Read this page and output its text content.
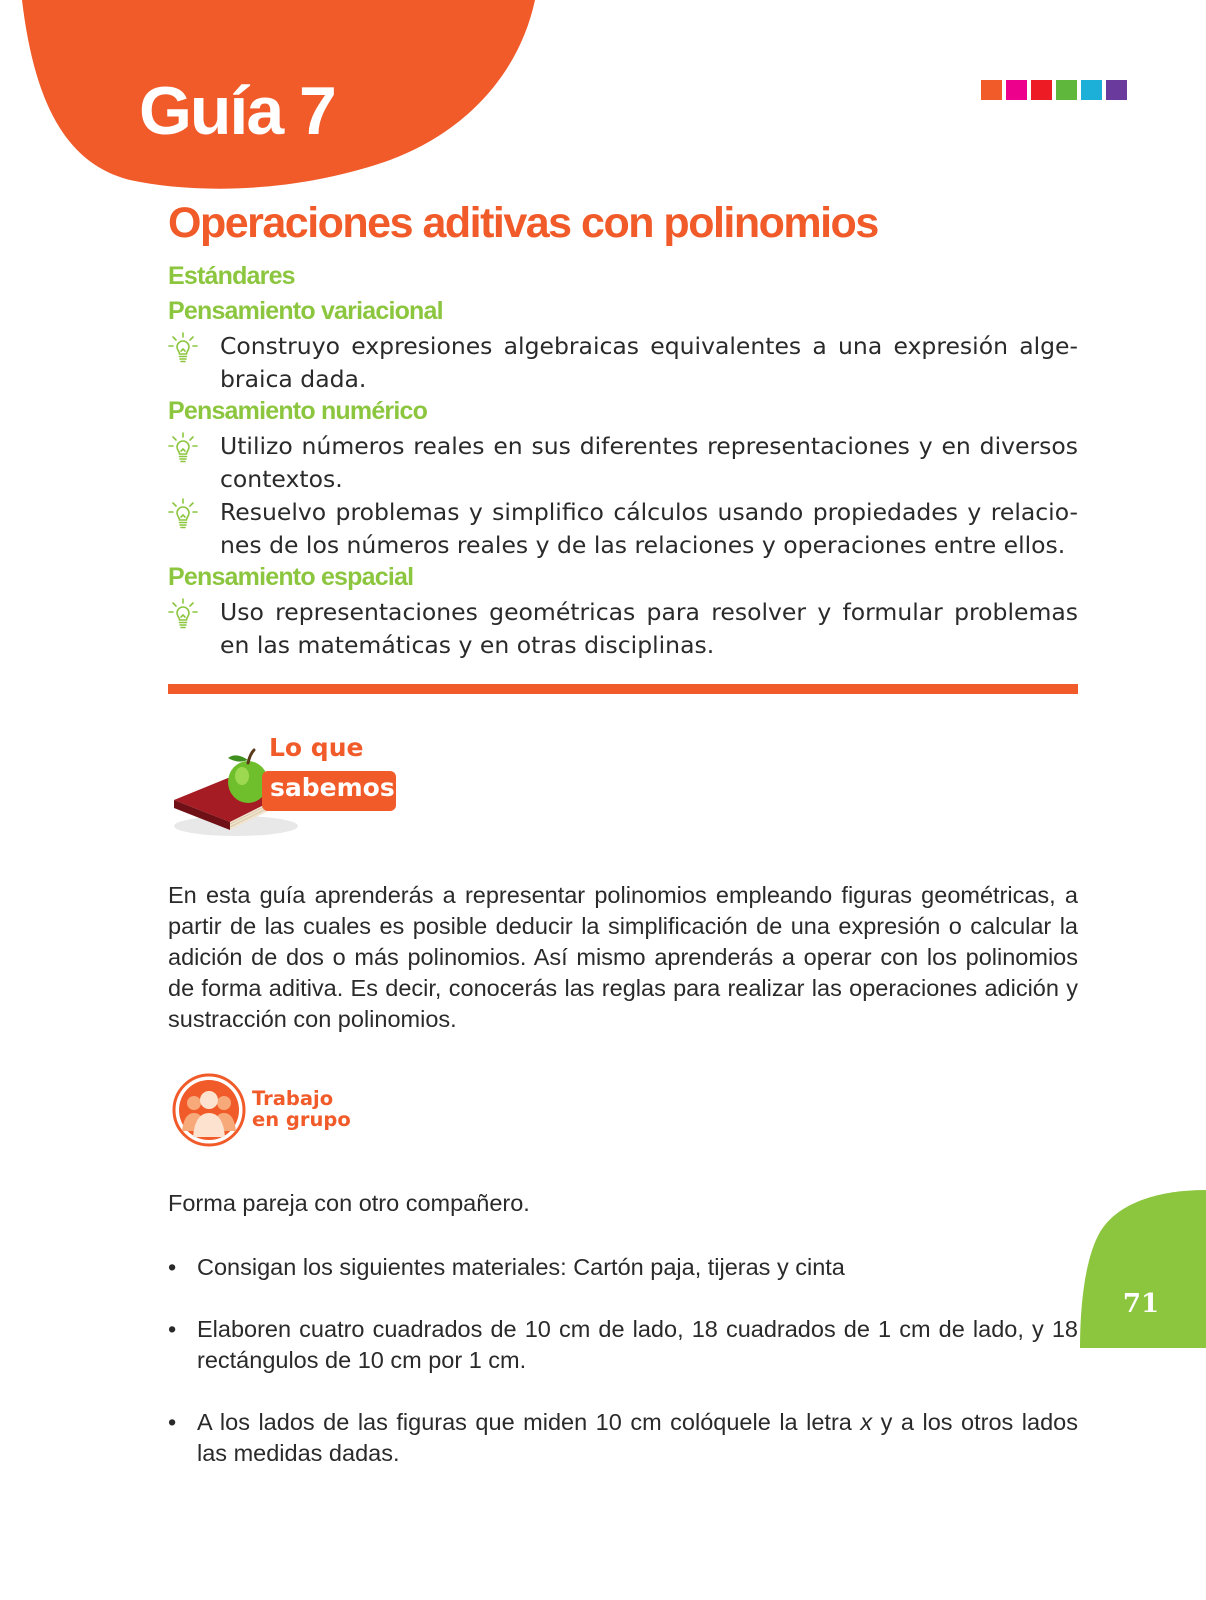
Guía 7
Operaciones aditivas con polinomios
Estándares
Pensamiento variacional

Construyo expresiones algebraicas equivalentes a una expresión alge-braica dada.

Pensamiento numérico

Utilizo números reales en sus diferentes representaciones y en diversos contextos.

Resuelvo problemas y simplifico cálculos usando propiedades y relacio-nes de los números reales y de las relaciones y operaciones entre ellos.

Pensamiento espacial

Uso representaciones geométricas para resolver y formular problemas en las matemáticas y en otras disciplinas.

Lo que
sabemos

En esta guía aprenderás a representar polinomios empleando figuras geométricas, a partir de las cuales es posible deducir la simplificación de una expresión o calcular la adición de dos o más polinomios. Así mismo aprenderás a operar con los polinomios de forma aditiva. Es decir, conocerás las reglas para realizar las operaciones adición y sustracción con polinomios.

Trabajo
en grupo

Forma pareja con otro compañero.

• Consigan los siguientes materiales: Cartón paja, tijeras y cinta
• Elaboren cuatro cuadrados de 10 cm de lado, 18 cuadrados de 1 cm de lado, y 18 rectángulos de 10 cm por 1 cm.
• A los lados de las figuras que miden 10 cm colóquele la letra x y a los otros lados las medidas dadas.
71
